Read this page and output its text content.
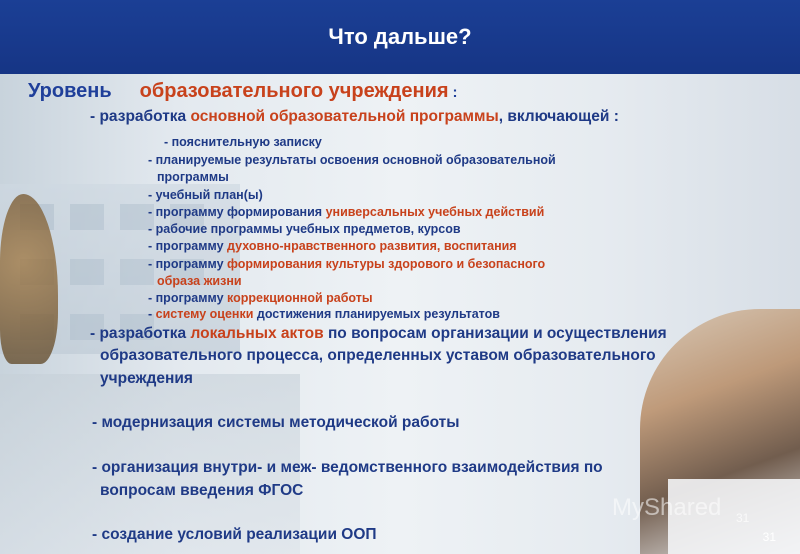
Что дальше?
Уровень образовательного учреждения :
- разработка основной образовательной программы, включающей :
- пояснительную записку
- планируемые результаты освоения основной образовательной
программы
- учебный план(ы)
- программу формирования универсальных учебных действий
- рабочие программы учебных предметов, курсов
- программу духовно-нравственного развития, воспитания
- программу формирования культуры здорового и безопасного
образа жизни
- программу коррекционной работы
- систему оценки достижения планируемых результатов
- разработка локальных актов по вопросам организации и осуществления
образовательного процесса, определенных уставом образовательного
учреждения
- модернизация системы методической работы
- организация внутри- и меж- ведомственного взаимодействия по
вопросам введения ФГОС
- создание условий реализации ООП
MyShared 31
31
